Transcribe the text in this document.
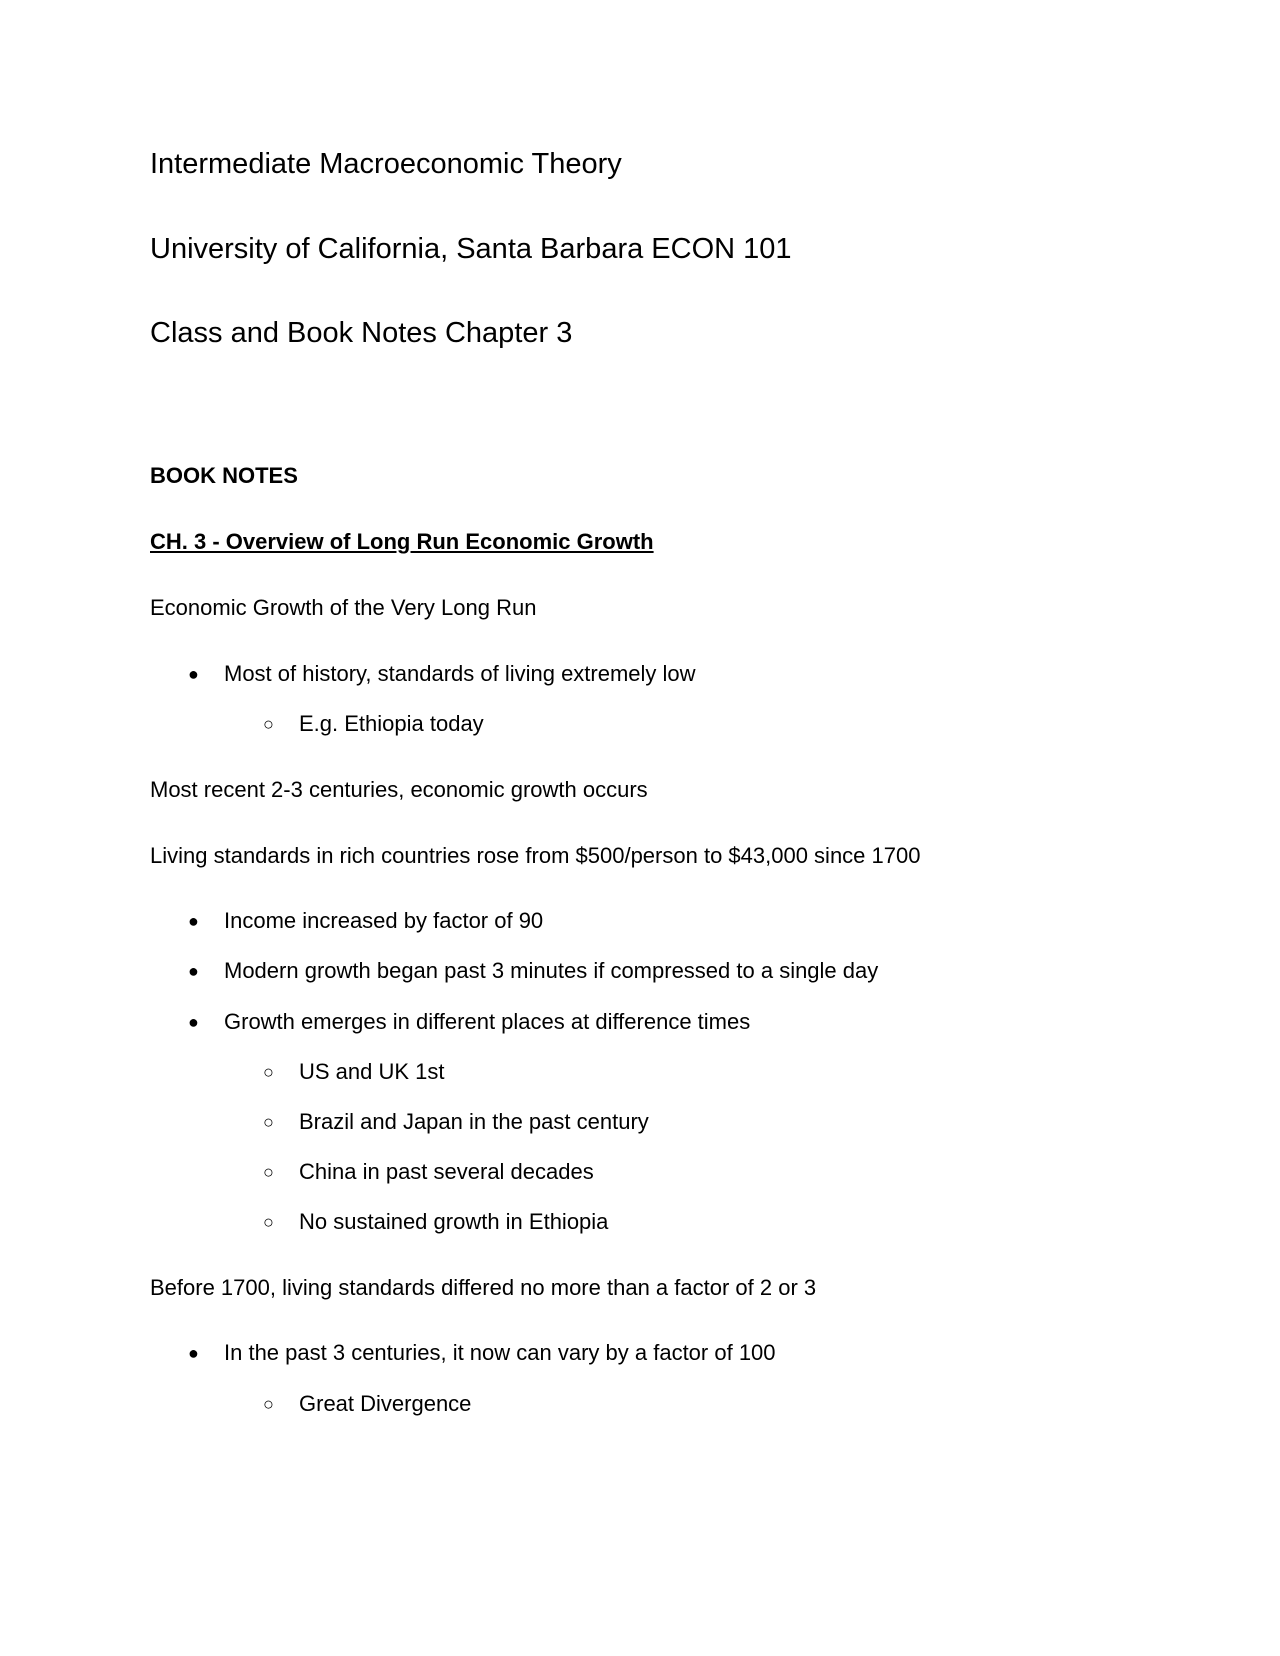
Intermediate Macroeconomic Theory
University of California, Santa Barbara ECON 101
Class and Book Notes Chapter 3
BOOK NOTES
CH. 3 - Overview of Long Run Economic Growth
Economic Growth of the Very Long Run
● Most of history, standards of living extremely low
○ E.g. Ethiopia today
Most recent 2-3 centuries, economic growth occurs
Living standards in rich countries rose from $500/person to $43,000 since 1700
● Income increased by factor of 90
● Modern growth began past 3 minutes if compressed to a single day
● Growth emerges in different places at difference times
○ US and UK 1st
○ Brazil and Japan in the past century
○ China in past several decades
○ No sustained growth in Ethiopia
Before 1700, living standards differed no more than a factor of 2 or 3
● In the past 3 centuries, it now can vary by a factor of 100
○ Great Divergence
